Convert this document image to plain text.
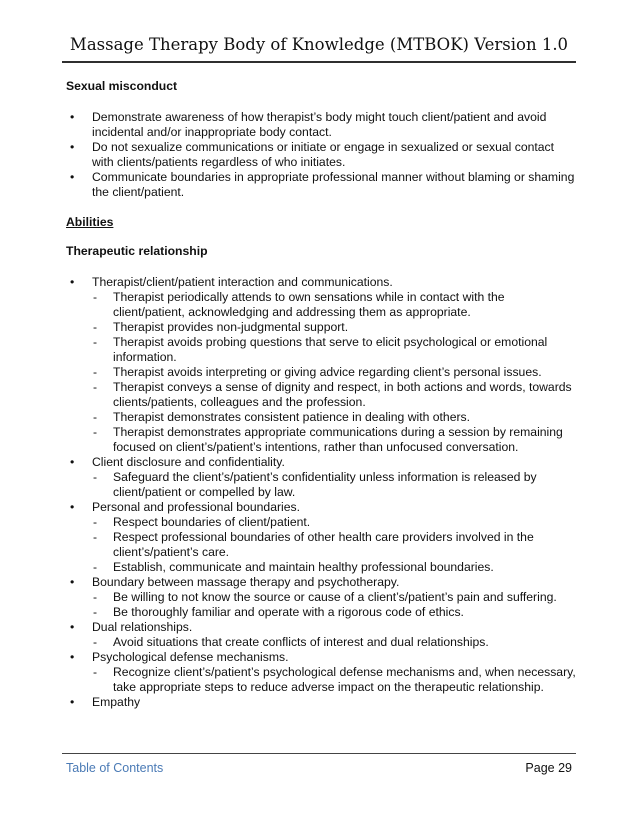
Massage Therapy Body of Knowledge (MTBOK) Version 1.0

Sexual misconduct

• Demonstrate awareness of how therapist’s body might touch client/patient and avoid incidental and/or inappropriate body contact.
• Do not sexualize communications or initiate or engage in sexualized or sexual contact with clients/patients regardless of who initiates.
• Communicate boundaries in appropriate professional manner without blaming or shaming the client/patient.

Abilities

Therapeutic relationship

• Therapist/client/patient interaction and communications.
- Therapist periodically attends to own sensations while in contact with the client/patient, acknowledging and addressing them as appropriate.
- Therapist provides non-judgmental support.
- Therapist avoids probing questions that serve to elicit psychological or emotional information.
- Therapist avoids interpreting or giving advice regarding client’s personal issues.
- Therapist conveys a sense of dignity and respect, in both actions and words, towards clients/patients, colleagues and the profession.
- Therapist demonstrates consistent patience in dealing with others.
- Therapist demonstrates appropriate communications during a session by remaining focused on client’s/patient’s intentions, rather than unfocused conversation.
• Client disclosure and confidentiality.
- Safeguard the client’s/patient’s confidentiality unless information is released by client/patient or compelled by law.
• Personal and professional boundaries.
- Respect boundaries of client/patient.
- Respect professional boundaries of other health care providers involved in the client’s/patient’s care.
- Establish, communicate and maintain healthy professional boundaries.
• Boundary between massage therapy and psychotherapy.
- Be willing to not know the source or cause of a client’s/patient’s pain and suffering.
- Be thoroughly familiar and operate with a rigorous code of ethics.
• Dual relationships.
- Avoid situations that create conflicts of interest and dual relationships.
• Psychological defense mechanisms.
- Recognize client’s/patient’s psychological defense mechanisms and, when necessary, take appropriate steps to reduce adverse impact on the therapeutic relationship.
• Empathy
Table of Contents	Page 29
